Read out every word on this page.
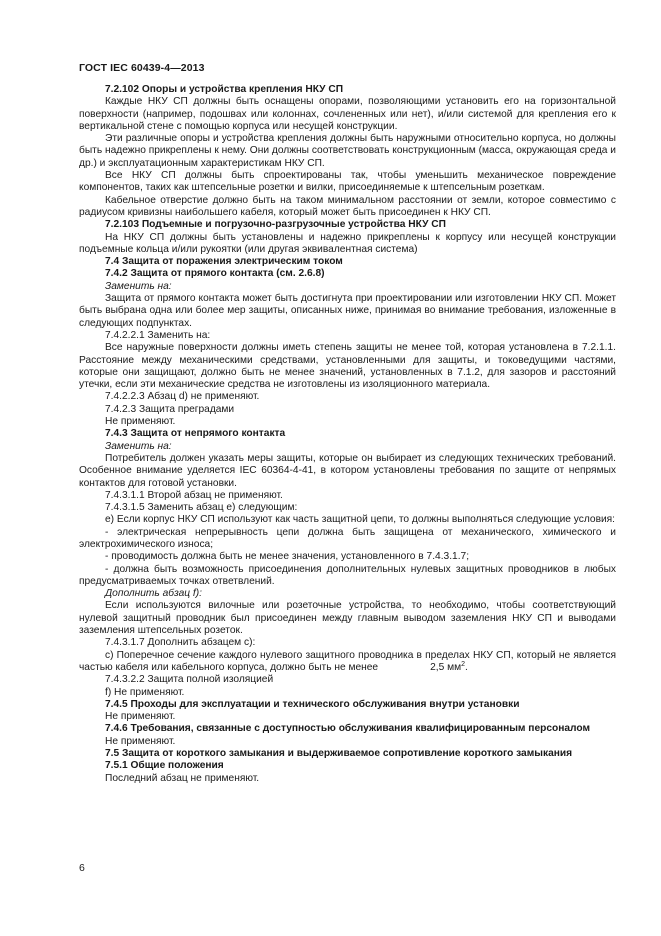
ГОСТ IEC 60439-4—2013

7.2.102 Опоры и устройства крепления НКУ СП

Каждые НКУ СП должны быть оснащены опорами, позволяющими установить его на горизонтальной поверхности (например, подошвах или колоннах, сочлененных или нет), и/или системой для крепления его к вертикальной стене с помощью корпуса или несущей конструкции.

Эти различные опоры и устройства крепления должны быть наружными относительно корпуса, но должны быть надежно прикреплены к нему. Они должны соответствовать конструкционным (масса, окружающая среда и др.) и эксплуатационным характеристикам НКУ СП.

Все НКУ СП должны быть спроектированы так, чтобы уменьшить механическое повреждение компонентов, таких как штепсельные розетки и вилки, присоединяемые к штепсельным розеткам.

Кабельное отверстие должно быть на таком минимальном расстоянии от земли, которое совместимо с радиусом кривизны наибольшего кабеля, который может быть присоединен к НКУ СП.

7.2.103 Подъемные и погрузочно-разгрузочные устройства НКУ СП

На НКУ СП должны быть установлены и надежно прикреплены к корпусу или несущей конструкции подъемные кольца и/или рукоятки (или другая эквивалентная система)

7.4 Защита от поражения электрическим током

7.4.2 Защита от прямого контакта (см. 2.6.8)

Заменить на:

Защита от прямого контакта может быть достигнута при проектировании или изготовлении НКУ СП. Может быть выбрана одна или более мер защиты, описанных ниже, принимая во внимание требования, изложенные в следующих подпунктах.

7.4.2.2.1 Заменить на:

Все наружные поверхности должны иметь степень защиты не менее той, которая установлена в 7.2.1.1. Расстояние между механическими средствами, установленными для защиты, и токоведущими частями, которые они защищают, должно быть не менее значений, установленных в 7.1.2, для зазоров и расстояний утечки, если эти механические средства не изготовлены из изоляционного материала.

7.4.2.2.3 Абзац d) не применяют.

7.4.2.3 Защита преградами

Не применяют.

7.4.3 Защита от непрямого контакта

Заменить на:

Потребитель должен указать меры защиты, которые он выбирает из следующих технических требований. Особенное внимание уделяется IEC 60364-4-41, в котором установлены требования по защите от непрямых контактов для готовой установки.

7.4.3.1.1 Второй абзац не применяют.

7.4.3.1.5 Заменить абзац е) следующим:

е) Если корпус НКУ СП используют как часть защитной цепи, то должны выполняться следующие условия:

- электрическая непрерывность цепи должна быть защищена от механического, химического и электрохимического износа;

- проводимость должна быть не менее значения, установленного в 7.4.3.1.7;

- должна быть возможность присоединения дополнительных нулевых защитных проводников в любых предусматриваемых точках ответвлений.

Дополнить абзац f):

Если используются вилочные или розеточные устройства, то необходимо, чтобы соответствующий нулевой защитный проводник был присоединен между главным выводом заземления НКУ СП и выводами заземления штепсельных розеток.

7.4.3.1.7 Дополнить абзацем с):

с) Поперечное сечение каждого нулевого защитного проводника в пределах НКУ СП, который не является частью кабеля или кабельного корпуса, должно быть не менее	2,5 $мм^2$.

7.4.3.2.2 Защита полной изоляцией

f) Не применяют.

7.4.5 Проходы для эксплуатации и технического обслуживания внутри установки

Не применяют.

7.4.6 Требования, связанные с доступностью обслуживания квалифицированным персоналом

Не применяют.

7.5 Защита от короткого замыкания и выдерживаемое сопротивление короткого замыкания

7.5.1 Общие положения

Последний абзац не применяют.

6
